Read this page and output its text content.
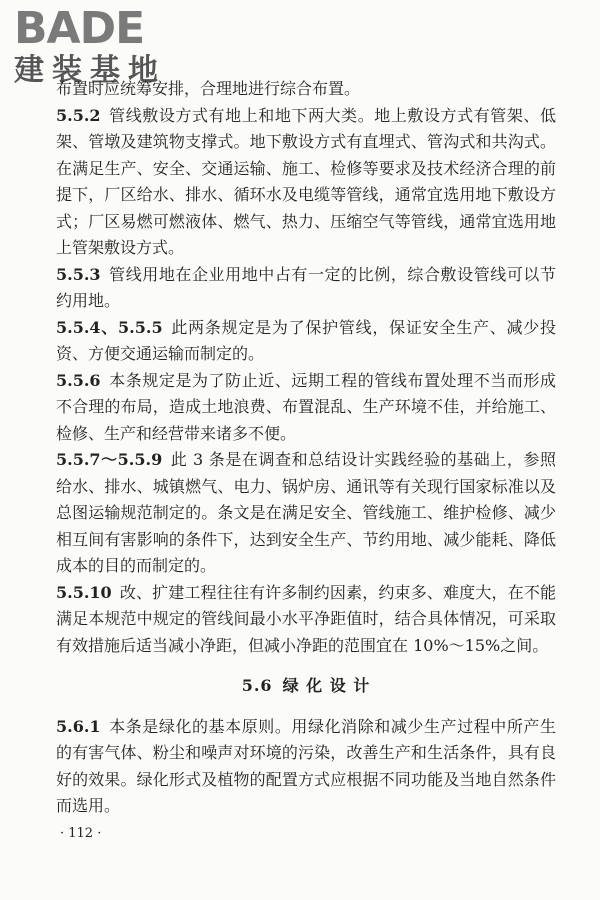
BADE
建装基地

布置时应统筹安排，合理地进行综合布置。

5.5.2 管线敷设方式有地上和地下两大类。地上敷设方式有管架、低架、管墩及建筑物支撑式。地下敷设方式有直埋式、管沟式和共沟式。在满足生产、安全、交通运输、施工、检修等要求及技术经济合理的前提下，厂区给水、排水、循环水及电缆等管线，通常宜选用地下敷设方式；厂区易燃可燃液体、燃气、热力、压缩空气等管线，通常宜选用地上管架敷设方式。

5.5.3 管线用地在企业用地中占有一定的比例，综合敷设管线可以节约用地。

5.5.4、5.5.5 此两条规定是为了保护管线，保证安全生产、减少投资、方便交通运输而制定的。

5.5.6 本条规定是为了防止近、远期工程的管线布置处理不当而形成不合理的布局，造成土地浪费、布置混乱、生产环境不佳，并给施工、检修、生产和经营带来诸多不便。

5.5.7～5.5.9 此 3 条是在调查和总结设计实践经验的基础上，参照给水、排水、城镇燃气、电力、锅炉房、通讯等有关现行国家标准以及总图运输规范制定的。条文是在满足安全、管线施工、维护检修、减少相互间有害影响的条件下，达到安全生产、节约用地、减少能耗、降低成本的目的而制定的。

5.5.10 改、扩建工程往往有许多制约因素，约束多、难度大，在不能满足本规范中规定的管线间最小水平净距值时，结合具体情况，可采取有效措施后适当减小净距，但减小净距的范围宜在 10%～15%之间。

5.6 绿 化 设 计

5.6.1 本条是绿化的基本原则。用绿化消除和减少生产过程中所产生的有害气体、粉尘和噪声对环境的污染，改善生产和生活条件，具有良好的效果。绿化形式及植物的配置方式应根据不同功能及当地自然条件而选用。

· 112 ·
